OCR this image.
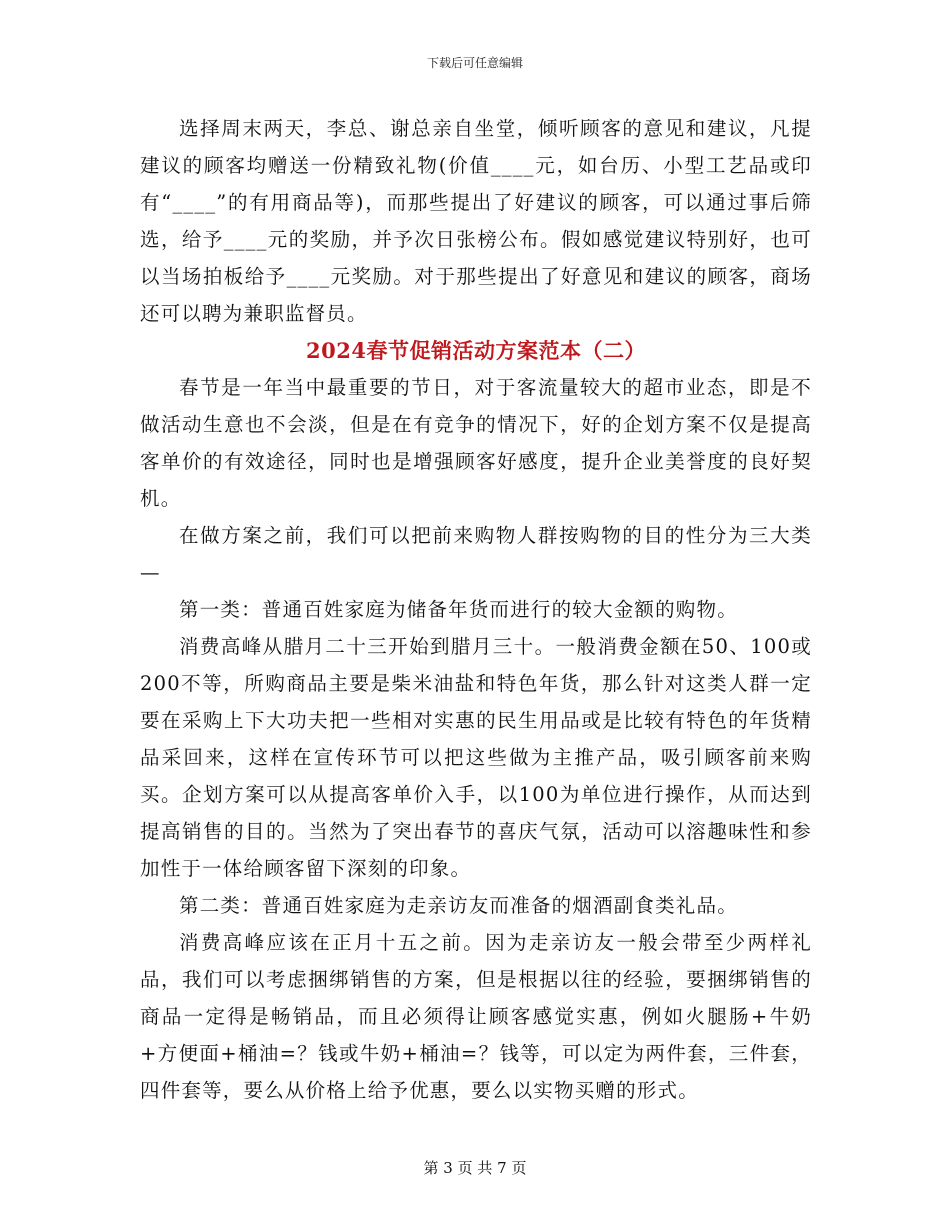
下载后可任意编辑

选择周末两天，李总、谢总亲自坐堂，倾听顾客的意见和建议，凡提建议的顾客均赠送一份精致礼物(价值____元，如台历、小型工艺品或印有“____”的有用商品等)，而那些提出了好建议的顾客，可以通过事后筛选，给予____元的奖励，并予次日张榜公布。假如感觉建议特别好，也可以当场拍板给予____元奖励。对于那些提出了好意见和建议的顾客，商场还可以聘为兼职监督员。

2024春节促销活动方案范本（二）

春节是一年当中最重要的节日，对于客流量较大的超市业态，即是不做活动生意也不会淡，但是在有竞争的情况下，好的企划方案不仅是提高客单价的有效途径，同时也是增强顾客好感度，提升企业美誉度的良好契机。

在做方案之前，我们可以把前来购物人群按购物的目的性分为三大类—

第一类：普通百姓家庭为储备年货而进行的较大金额的购物。

消费高峰从腊月二十三开始到腊月三十。一般消费金额在50、100或200不等，所购商品主要是柴米油盐和特色年货，那么针对这类人群一定要在采购上下大功夫把一些相对实惠的民生用品或是比较有特色的年货精品采回来，这样在宣传环节可以把这些做为主推产品，吸引顾客前来购买。企划方案可以从提高客单价入手，以100为单位进行操作，从而达到提高销售的目的。当然为了突出春节的喜庆气氛，活动可以溶趣味性和参加性于一体给顾客留下深刻的印象。

第二类：普通百姓家庭为走亲访友而准备的烟酒副食类礼品。

消费高峰应该在正月十五之前。因为走亲访友一般会带至少两样礼品，我们可以考虑捆绑销售的方案，但是根据以往的经验，要捆绑销售的商品一定得是畅销品，而且必须得让顾客感觉实惠，例如火腿肠+牛奶+方便面+桶油=？钱或牛奶+桶油=？钱等，可以定为两件套，三件套，四件套等，要么从价格上给予优惠，要么以实物买赠的形式。

第 3 页 共 7 页
